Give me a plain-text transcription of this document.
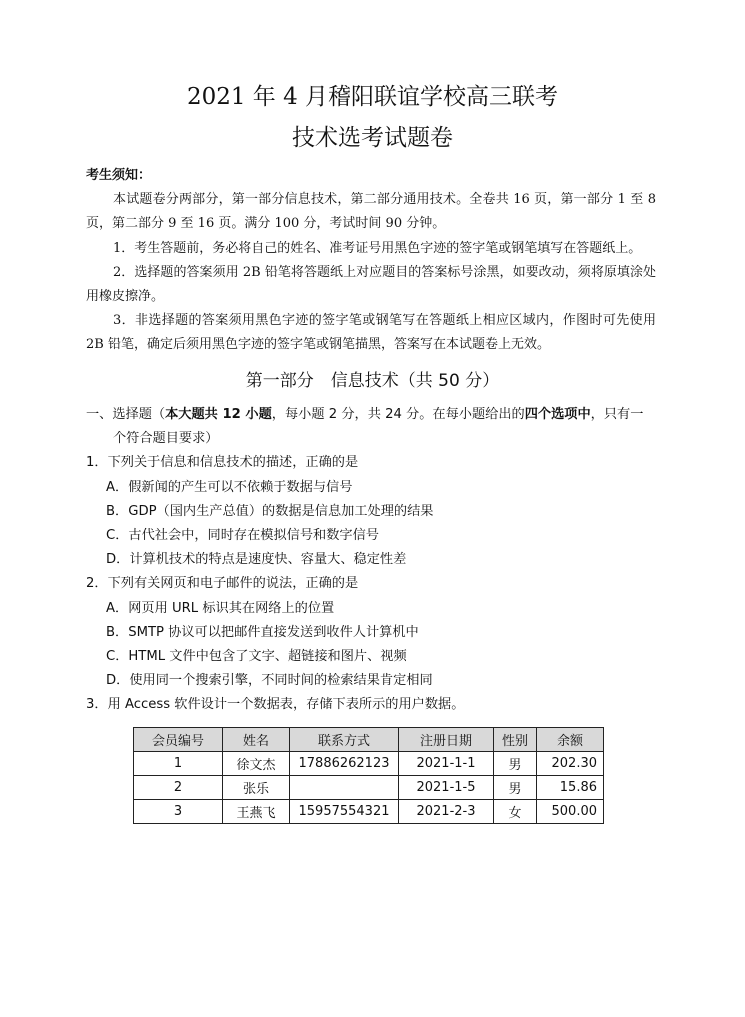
2021 年 4 月稽阳联谊学校高三联考
技术选考试题卷

考生须知：

本试题卷分两部分，第一部分信息技术，第二部分通用技术。全卷共 16 页，第一部分 1 至 8 页，第二部分 9 至 16 页。满分 100 分，考试时间 90 分钟。

1．考生答题前，务必将自己的姓名、准考证号用黑色字迹的签字笔或钢笔填写在答题纸上。

2．选择题的答案须用 2B 铅笔将答题纸上对应题目的答案标号涂黑，如要改动，须将原填涂处用橡皮擦净。

3．非选择题的答案须用黑色字迹的签字笔或钢笔写在答题纸上相应区域内，作图时可先使用 2B 铅笔，确定后须用黑色字迹的签字笔或钢笔描黑，答案写在本试题卷上无效。

第一部分　信息技术（共 50 分）

一、选择题（本大题共 12 小题，每小题 2 分，共 24 分。在每小题给出的四个选项中，只有一

个符合题目要求）

1．下列关于信息和信息技术的描述，正确的是

A．假新闻的产生可以不依赖于数据与信号

B．GDP（国内生产总值）的数据是信息加工处理的结果

C．古代社会中，同时存在模拟信号和数字信号

D．计算机技术的特点是速度快、容量大、稳定性差

2．下列有关网页和电子邮件的说法，正确的是

A．网页用 URL 标识其在网络上的位置

B．SMTP 协议可以把邮件直接发送到收件人计算机中

C．HTML 文件中包含了文字、超链接和图片、视频

D．使用同一个搜索引擎，不同时间的检索结果肯定相同

3．用 Access 软件设计一个数据表，存储下表所示的用户数据。

会员编号	姓名	联系方式	注册日期	性别	余额
1	徐文杰	17886262123	2021-1-1	男	202.30
2	张乐		2021-1-5	男	15.86
3	王燕飞	15957554321	2021-2-3	女	500.00
